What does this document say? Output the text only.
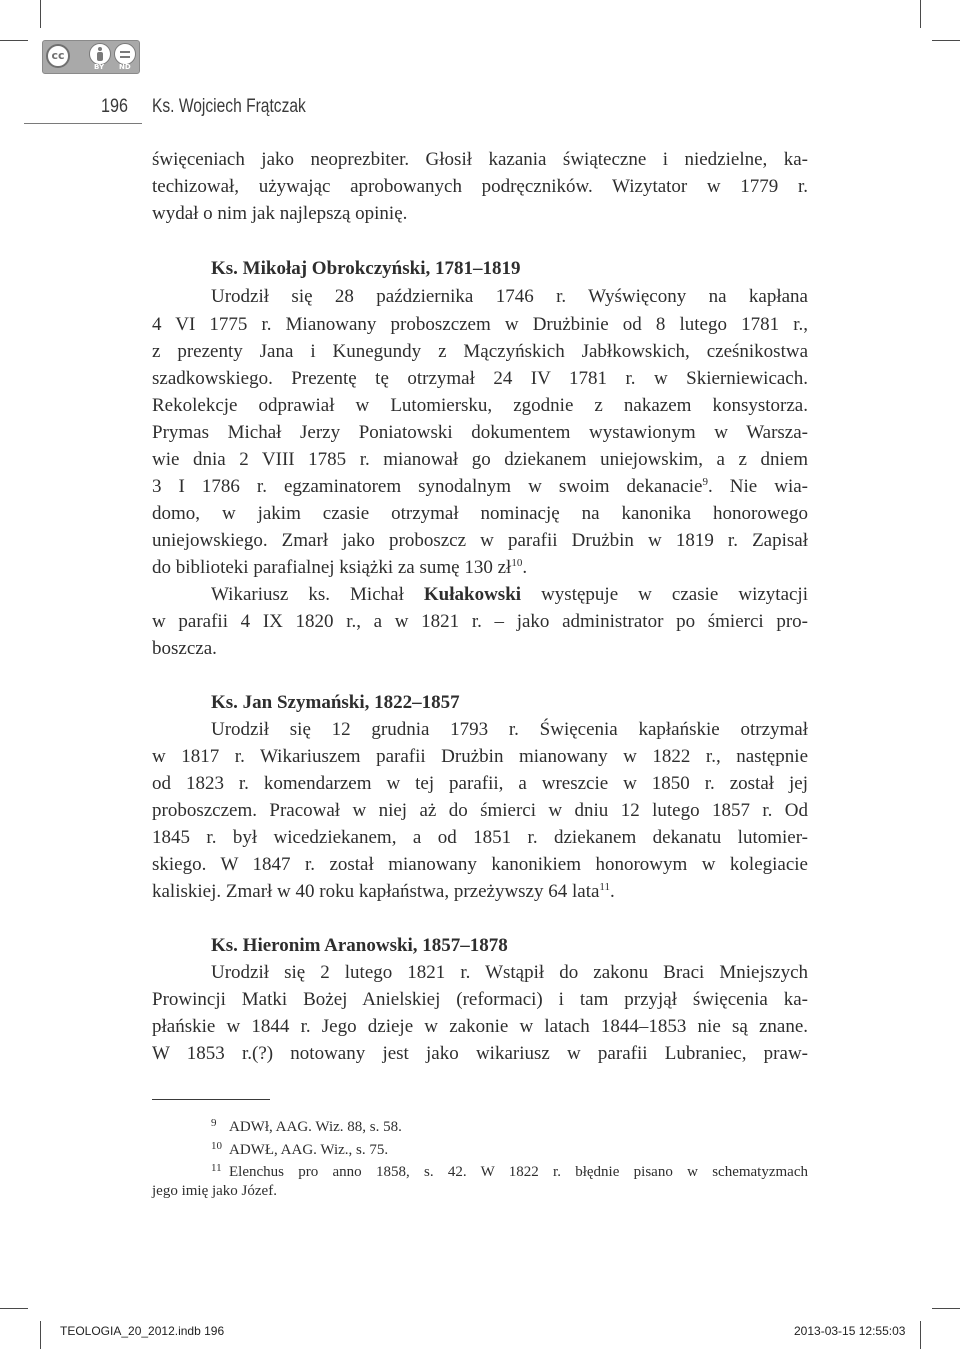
cc
BY ND
196 Ks. Wojciech Frątczak
święceniach jako neoprezbiter. Głosił kazania świąteczne i niedzielne, ka-
techizował, używając aprobowanych podręczników. Wizytator w 1779 r.
wydał o nim jak najlepszą opinię.
Ks. Mikołaj Obrokczyński, 1781–1819
Urodził się 28 października 1746 r. Wyświęcony na kapłana
4 VI 1775 r. Mianowany proboszczem w Drużbinie od 8 lutego 1781 r.,
z prezenty Jana i Kunegundy z Mączyńskich Jabłkowskich, cześnikostwa
szadkowskiego. Prezentę tę otrzymał 24 IV 1781 r. w Skierniewicach.
Rekolekcje odprawiał w Lutomiersku, zgodnie z nakazem konsystorza.
Prymas Michał Jerzy Poniatowski dokumentem wystawionym w Warsza-
wie dnia 2 VIII 1785 r. mianował go dziekanem uniejowskim, a z dniem
3 I 1786 r. egzaminatorem synodalnym w swoim dekanacie$^9$. Nie wia-
domo, w jakim czasie otrzymał nominację na kanonika honorowego
uniejowskiego. Zmarł jako proboszcz w parafii Drużbin w 1819 r. Zapisał
do biblioteki parafialnej książki za sumę 130 zł$^{10}$.
Wikariusz ks. Michał Kułakowski występuje w czasie wizytacji
w parafii 4 IX 1820 r., a w 1821 r. – jako administrator po śmierci pro-
boszcza.
Ks. Jan Szymański, 1822–1857
Urodził się 12 grudnia 1793 r. Święcenia kapłańskie otrzymał
w 1817 r. Wikariuszem parafii Drużbin mianowany w 1822 r., następnie
od 1823 r. komendarzem w tej parafii, a wreszcie w 1850 r. został jej
proboszczem. Pracował w niej aż do śmierci w dniu 12 lutego 1857 r. Od
1845 r. był wicedziekanem, a od 1851 r. dziekanem dekanatu lutomier-
skiego. W 1847 r. został mianowany kanonikiem honorowym w kolegiacie
kaliskiej. Zmarł w 40 roku kapłaństwa, przeżywszy 64 lata$^{11}$.
Ks. Hieronim Aranowski, 1857–1878
Urodził się 2 lutego 1821 r. Wstąpił do zakonu Braci Mniejszych
Prowincji Matki Bożej Anielskiej (reformaci) i tam przyjął święcenia ka-
płańskie w 1844 r. Jego dzieje w zakonie w latach 1844–1853 nie są znane.
W 1853 r.(?) notowany jest jako wikariusz w parafii Lubraniec, praw-
9 ADWł, AAG. Wiz. 88, s. 58.
10 ADWŁ, AAG. Wiz., s. 75.
11 Elenchus pro anno 1858, s. 42. W 1822 r. błędnie pisano w schematyzmach
jego imię jako Józef.
TEOLOGIA_20_2012.indb 196	2013-03-15 12:55:03
